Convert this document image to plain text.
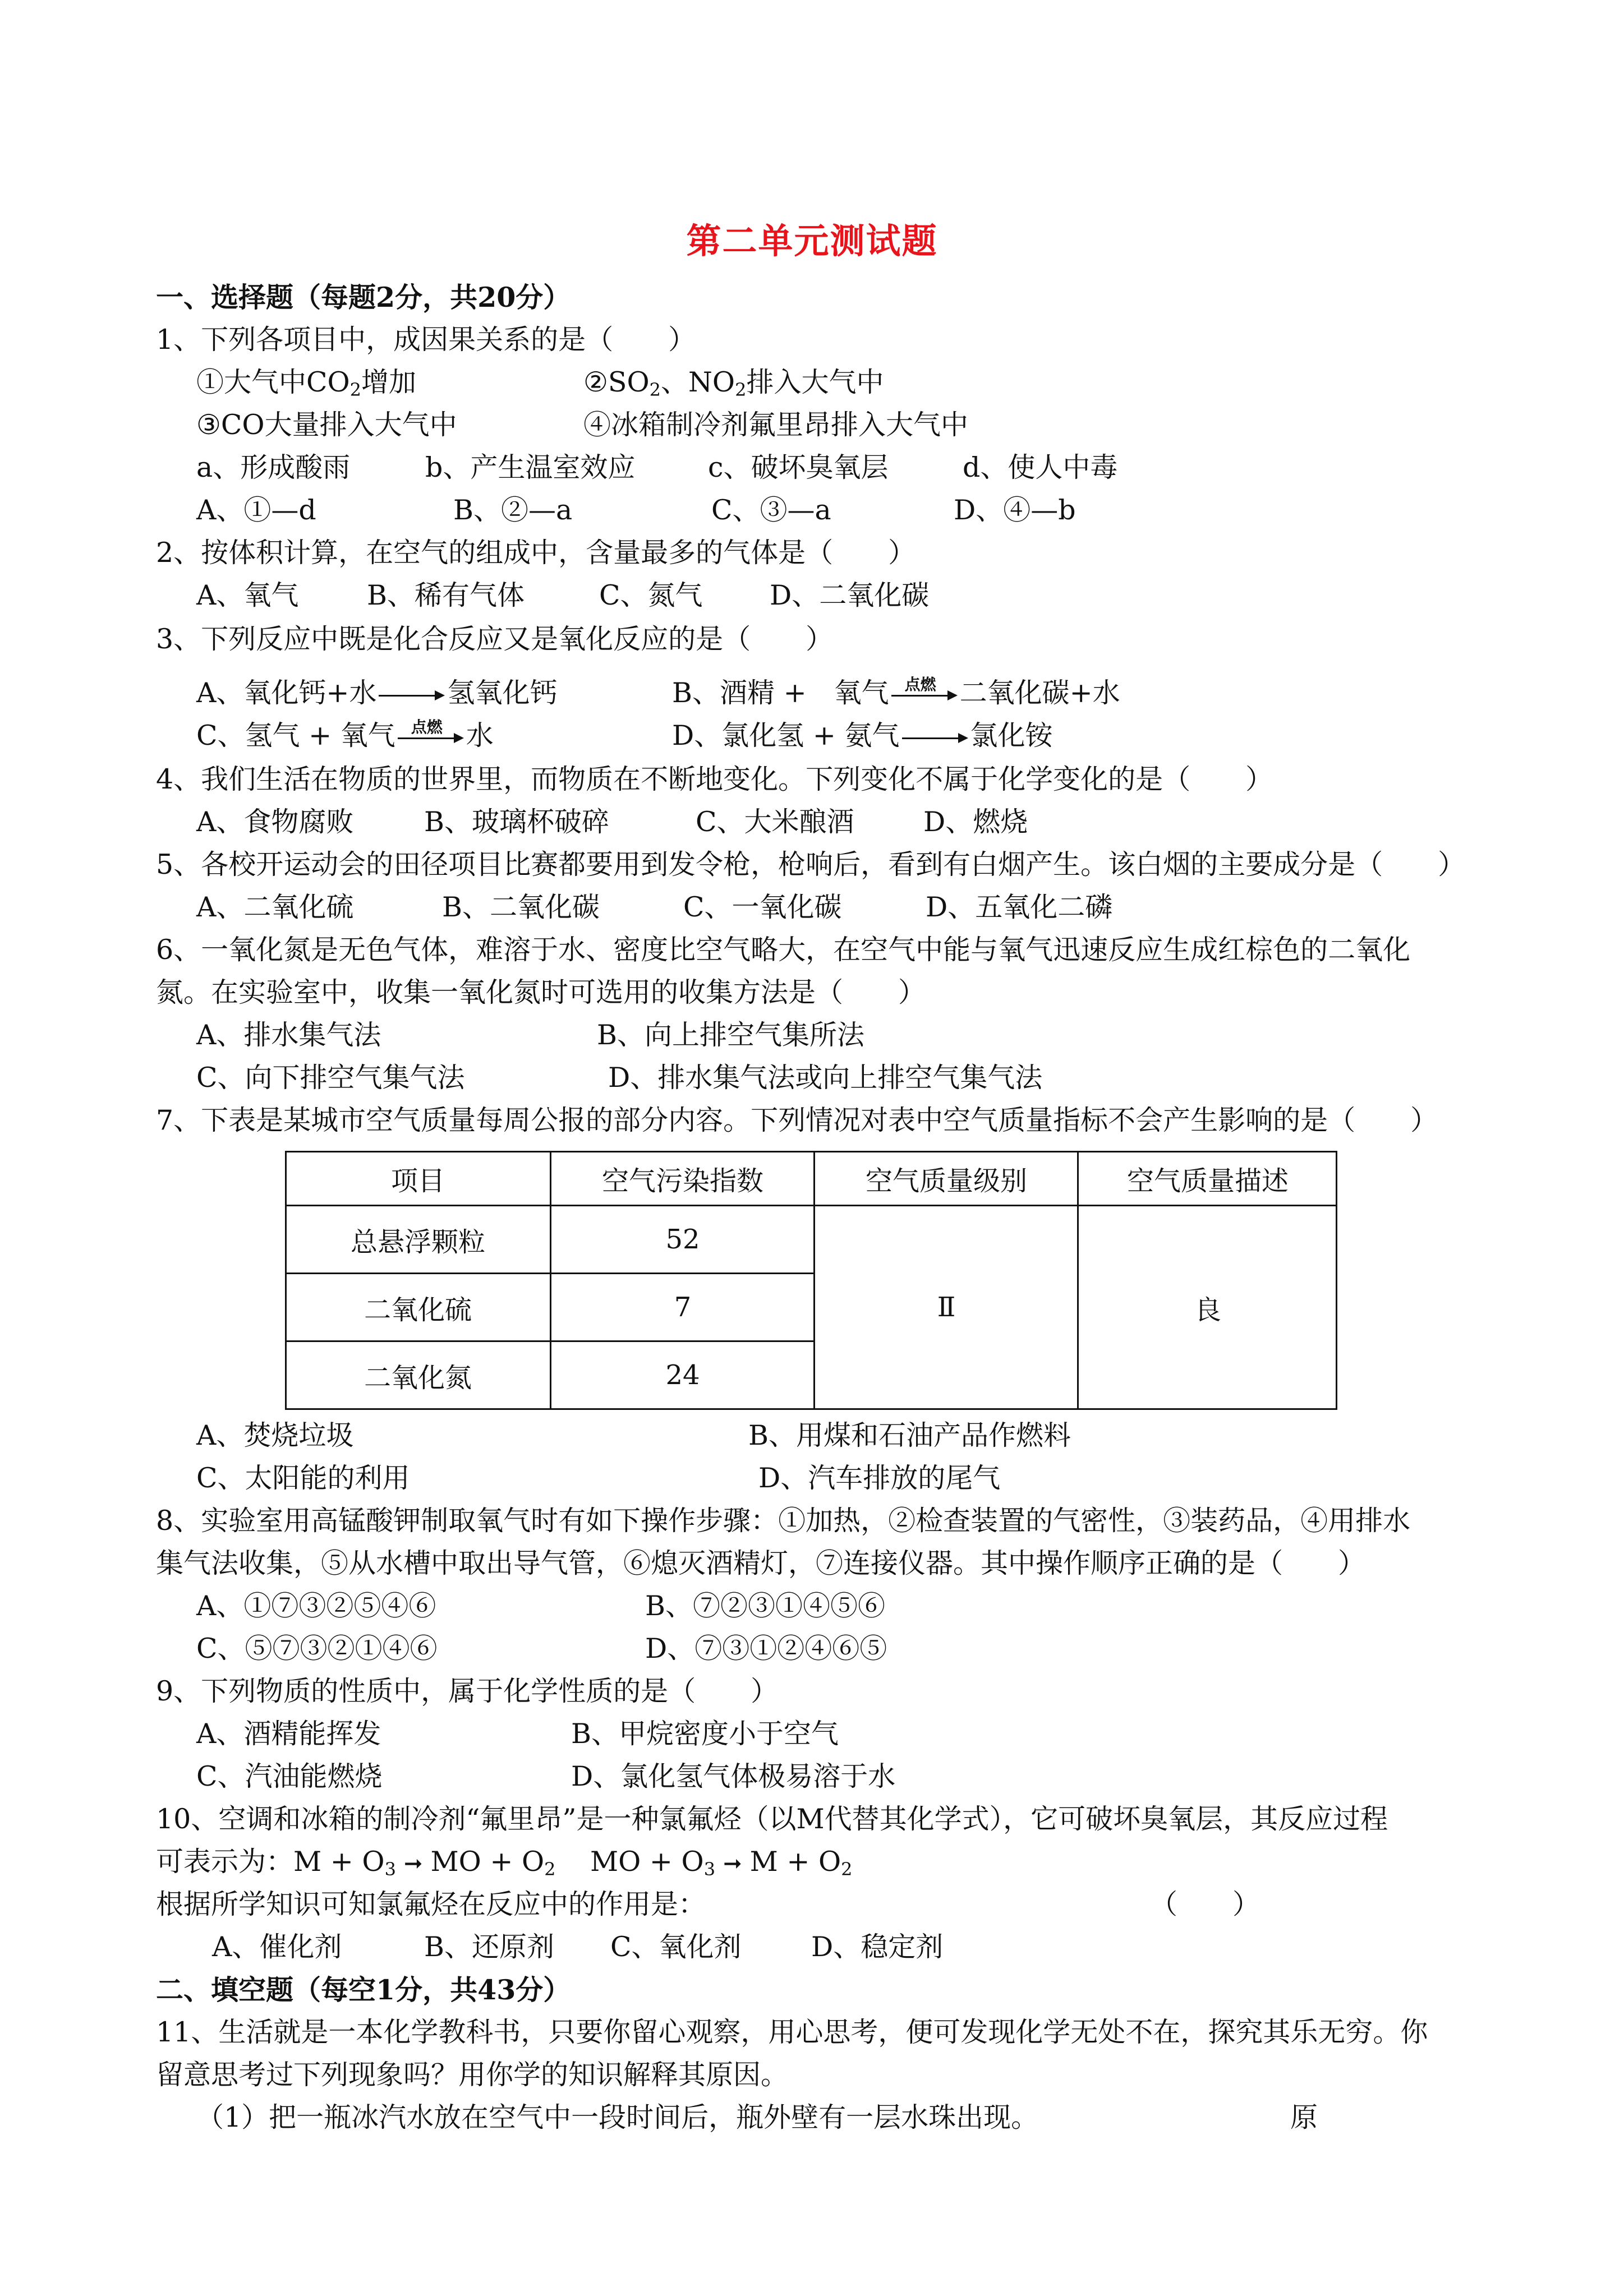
第二单元测试题
一、选择题（每题2分，共20分）
1、下列各项目中，成因果关系的是（　　）
①大气中$CO_2$增加	$②SO_2$、$NO_2$排入大气中
③CO大量排入大气中	④冰箱制冷剂氟里昂排入大气中
a、形成酸雨	b、产生温室效应	c、破坏臭氧层	d、使人中毒
A、①—d	B、②—a	C、③—a	D、④—b
2、按体积计算，在空气的组成中，含量最多的气体是（　　）
A、氧气 B、稀有气体	C、氮气 D、二氧化碳
3、下列反应中既是化合反应又是氧化反应的是（　　）
A、氧化钙+水	氢氧化钙	B、酒精 +　氧气 点燃 二氧化碳+水
C、氢气 + 氧气 点燃 水	D、氯化氢 + 氨气	氯化铵
4、我们生活在物质的世界里，而物质在不断地变化。下列变化不属于化学变化的是（　　）
A、食物腐败	B、玻璃杯破碎	C、大米酿酒	D、燃烧
5、各校开运动会的田径项目比赛都要用到发令枪，枪响后，看到有白烟产生。该白烟的主要成分是（　　）
A、二氧化硫	B、二氧化碳	C、一氧化碳	D、五氧化二磷
6、一氧化氮是无色气体，难溶于水、密度比空气略大，在空气中能与氧气迅速反应生成红棕色的二氧化
氮。在实验室中，收集一氧化氮时可选用的收集方法是（　　）
A、排水集气法	B、向上排空气集所法
C、向下排空气集气法	D、排水集气法或向上排空气集气法
7、下表是某城市空气质量每周公报的部分内容。下列情况对表中空气质量指标不会产生影响的是（　　）
项目	空气污染指数	空气质量级别	空气质量描述
总悬浮颗粒	52
二氧化硫	7
二氧化氮	24
Ⅱ	良
A、焚烧垃圾	B、用煤和石油产品作燃料
C、太阳能的利用	D、汽车排放的尾气
8、实验室用高锰酸钾制取氧气时有如下操作步骤：①加热，②检查装置的气密性，③装药品，④用排水
集气法收集，⑤从水槽中取出导气管，⑥熄灭酒精灯，⑦连接仪器。其中操作顺序正确的是（　　）
A、①⑦③②⑤④⑥	B、⑦②③①④⑤⑥
C、⑤⑦③②①④⑥	D、⑦③①②④⑥⑤
9、下列物质的性质中，属于化学性质的是（　　）
A、酒精能挥发	B、甲烷密度小于空气
C、汽油能燃烧	D、氯化氢气体极易溶于水
10、空调和冰箱的制冷剂“氟里昂”是一种氯氟烃（以M代替其化学式），它可破坏臭氧层，其反应过程
可表示为：$M + O_3$ ➞ MO + $O_2$ MO + $O_3$ ➞ $M + O_2$
根据所学知识可知氯氟烃在反应中的作用是：	（　　）
A、催化剂	B、还原剂 C、氧化剂	D、稳定剂
二、填空题（每空1分，共43分）
11、生活就是一本化学教科书，只要你留心观察，用心思考，便可发现化学无处不在，探究其乐无穷。你
留意思考过下列现象吗？用你学的知识解释其原因。
（1）把一瓶冰汽水放在空气中一段时间后，瓶外壁有一层水珠出现。	原
